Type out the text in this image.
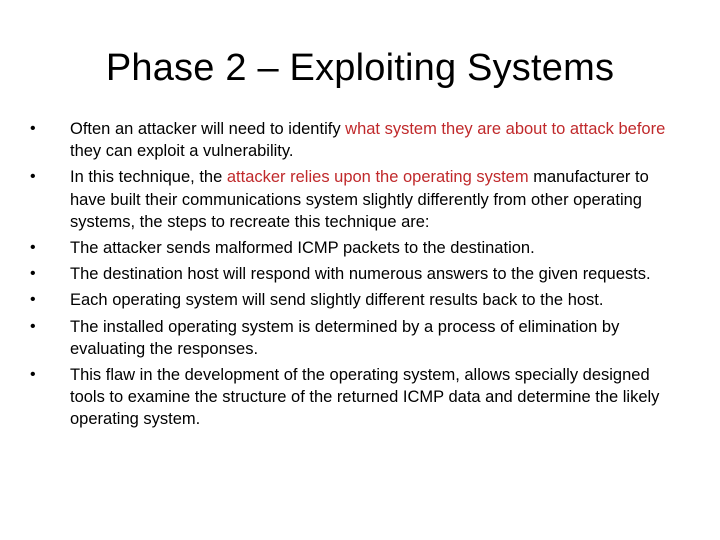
Phase 2 – Exploiting Systems
•	Often an attacker will need to identify what system they are about to attack before they can exploit a vulnerability.
•	In this technique, the attacker relies upon the operating system manufacturer to have built their communications system slightly differently from other operating systems, the steps to recreate this technique are:
•	The attacker sends malformed ICMP packets to the destination.
•	The destination host will respond with numerous answers to the given requests.
•	Each operating system will send slightly different results back to the host.
•	The installed operating system is determined by a process of elimination by evaluating the responses.
•	This flaw in the development of the operating system, allows specially designed tools to examine the structure of the returned ICMP data and determine the likely operating system.
